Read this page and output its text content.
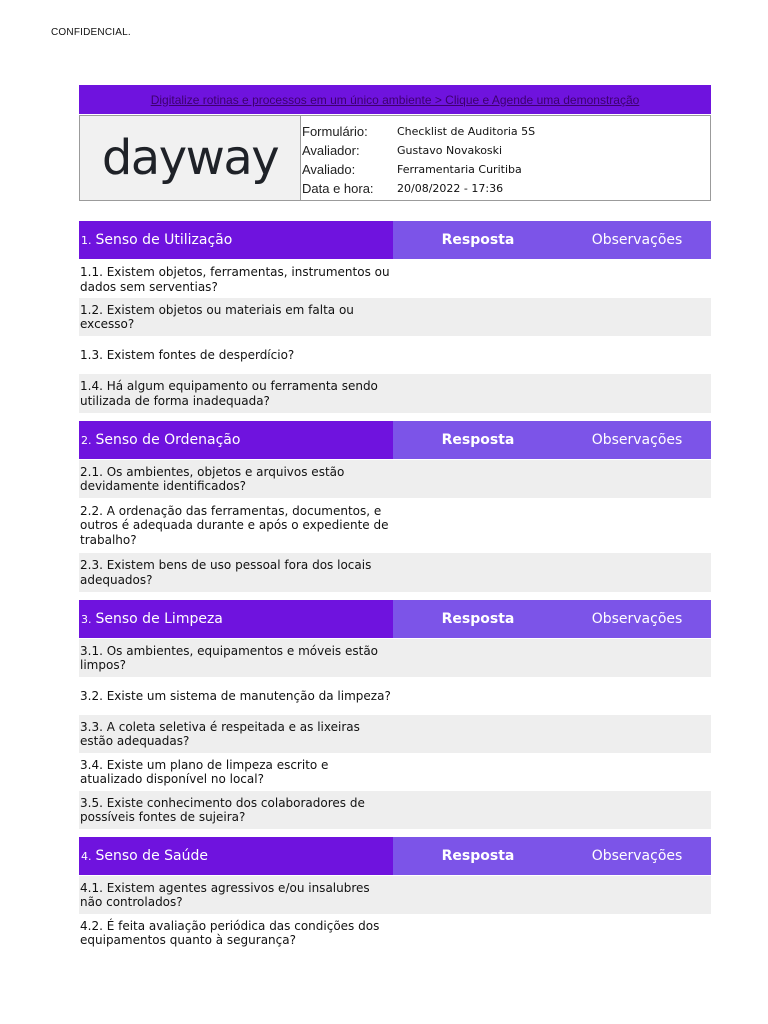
CONFIDENCIAL.
Digitalize rotinas e processos em um único ambiente > Clique e Agende uma demonstração
dayway Formulário:	Checklist de Auditoria 5S
Avaliador:	Gustavo Novakoski
Avaliado:	Ferramentaria Curitiba
Data e hora:	20/08/2022 - 17:36
1. Senso de Utilização	Resposta	Observações
1.1. Existem objetos, ferramentas, instrumentos ou dados sem serventias?
1.2. Existem objetos ou materiais em falta ou excesso?
1.3. Existem fontes de desperdício?
1.4. Há algum equipamento ou ferramenta sendo utilizada de forma inadequada?
2. Senso de Ordenação	Resposta	Observações
2.1. Os ambientes, objetos e arquivos estão devidamente identificados?
2.2. A ordenação das ferramentas, documentos, e outros é adequada durante e após o expediente de trabalho?
2.3. Existem bens de uso pessoal fora dos locais adequados?
3. Senso de Limpeza	Resposta	Observações
3.1. Os ambientes, equipamentos e móveis estão limpos?
3.2. Existe um sistema de manutenção da limpeza?
3.3. A coleta seletiva é respeitada e as lixeiras estão adequadas?
3.4. Existe um plano de limpeza escrito e atualizado disponível no local?
3.5. Existe conhecimento dos colaboradores de possíveis fontes de sujeira?
4. Senso de Saúde	Resposta	Observações
4.1. Existem agentes agressivos e/ou insalubres não controlados?
4.2. É feita avaliação periódica das condições dos equipamentos quanto à segurança?
